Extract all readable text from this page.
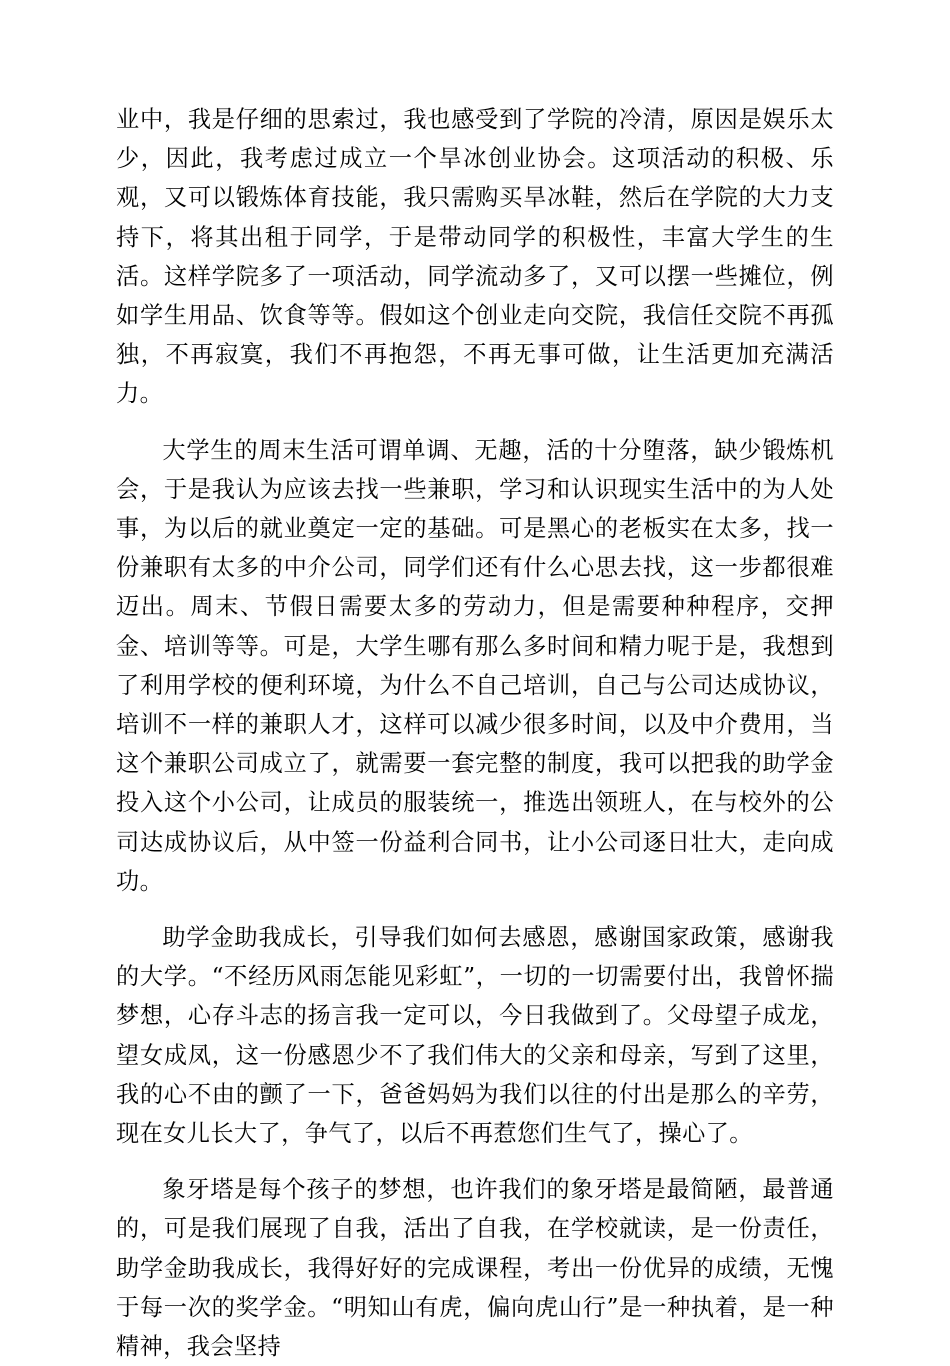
业中，我是仔细的思索过，我也感受到了学院的冷清，原因是娱乐太少，因此，我考虑过成立一个旱冰创业协会。这项活动的积极、乐观，又可以锻炼体育技能，我只需购买旱冰鞋，然后在学院的大力支持下，将其出租于同学，于是带动同学的积极性，丰富大学生的生活。这样学院多了一项活动，同学流动多了，又可以摆一些摊位，例如学生用品、饮食等等。假如这个创业走向交院，我信任交院不再孤独，不再寂寞，我们不再抱怨，不再无事可做，让生活更加充满活力。

大学生的周末生活可谓单调、无趣，活的十分堕落，缺少锻炼机会，于是我认为应该去找一些兼职，学习和认识现实生活中的为人处事，为以后的就业奠定一定的基础。可是黑心的老板实在太多，找一份兼职有太多的中介公司，同学们还有什么心思去找，这一步都很难迈出。周末、节假日需要太多的劳动力，但是需要种种程序，交押金、培训等等。可是，大学生哪有那么多时间和精力呢于是，我想到了利用学校的便利环境，为什么不自己培训，自己与公司达成协议，培训不一样的兼职人才，这样可以减少很多时间，以及中介费用，当这个兼职公司成立了，就需要一套完整的制度，我可以把我的助学金投入这个小公司，让成员的服装统一，推选出领班人，在与校外的公司达成协议后，从中签一份益利合同书，让小公司逐日壮大，走向成功。

助学金助我成长，引导我们如何去感恩，感谢国家政策，感谢我的大学。“不经历风雨怎能见彩虹”，一切的一切需要付出，我曾怀揣梦想，心存斗志的扬言我一定可以，今日我做到了。父母望子成龙，望女成凤，这一份感恩少不了我们伟大的父亲和母亲，写到了这里，我的心不由的颤了一下，爸爸妈妈为我们以往的付出是那么的辛劳，现在女儿长大了，争气了，以后不再惹您们生气了，操心了。

象牙塔是每个孩子的梦想，也许我们的象牙塔是最简陋，最普通的，可是我们展现了自我，活出了自我，在学校就读，是一份责任，助学金助我成长，我得好好的完成课程，考出一份优异的成绩，无愧于每一次的奖学金。“明知山有虎，偏向虎山行”是一种执着，是一种精神，我会坚持
